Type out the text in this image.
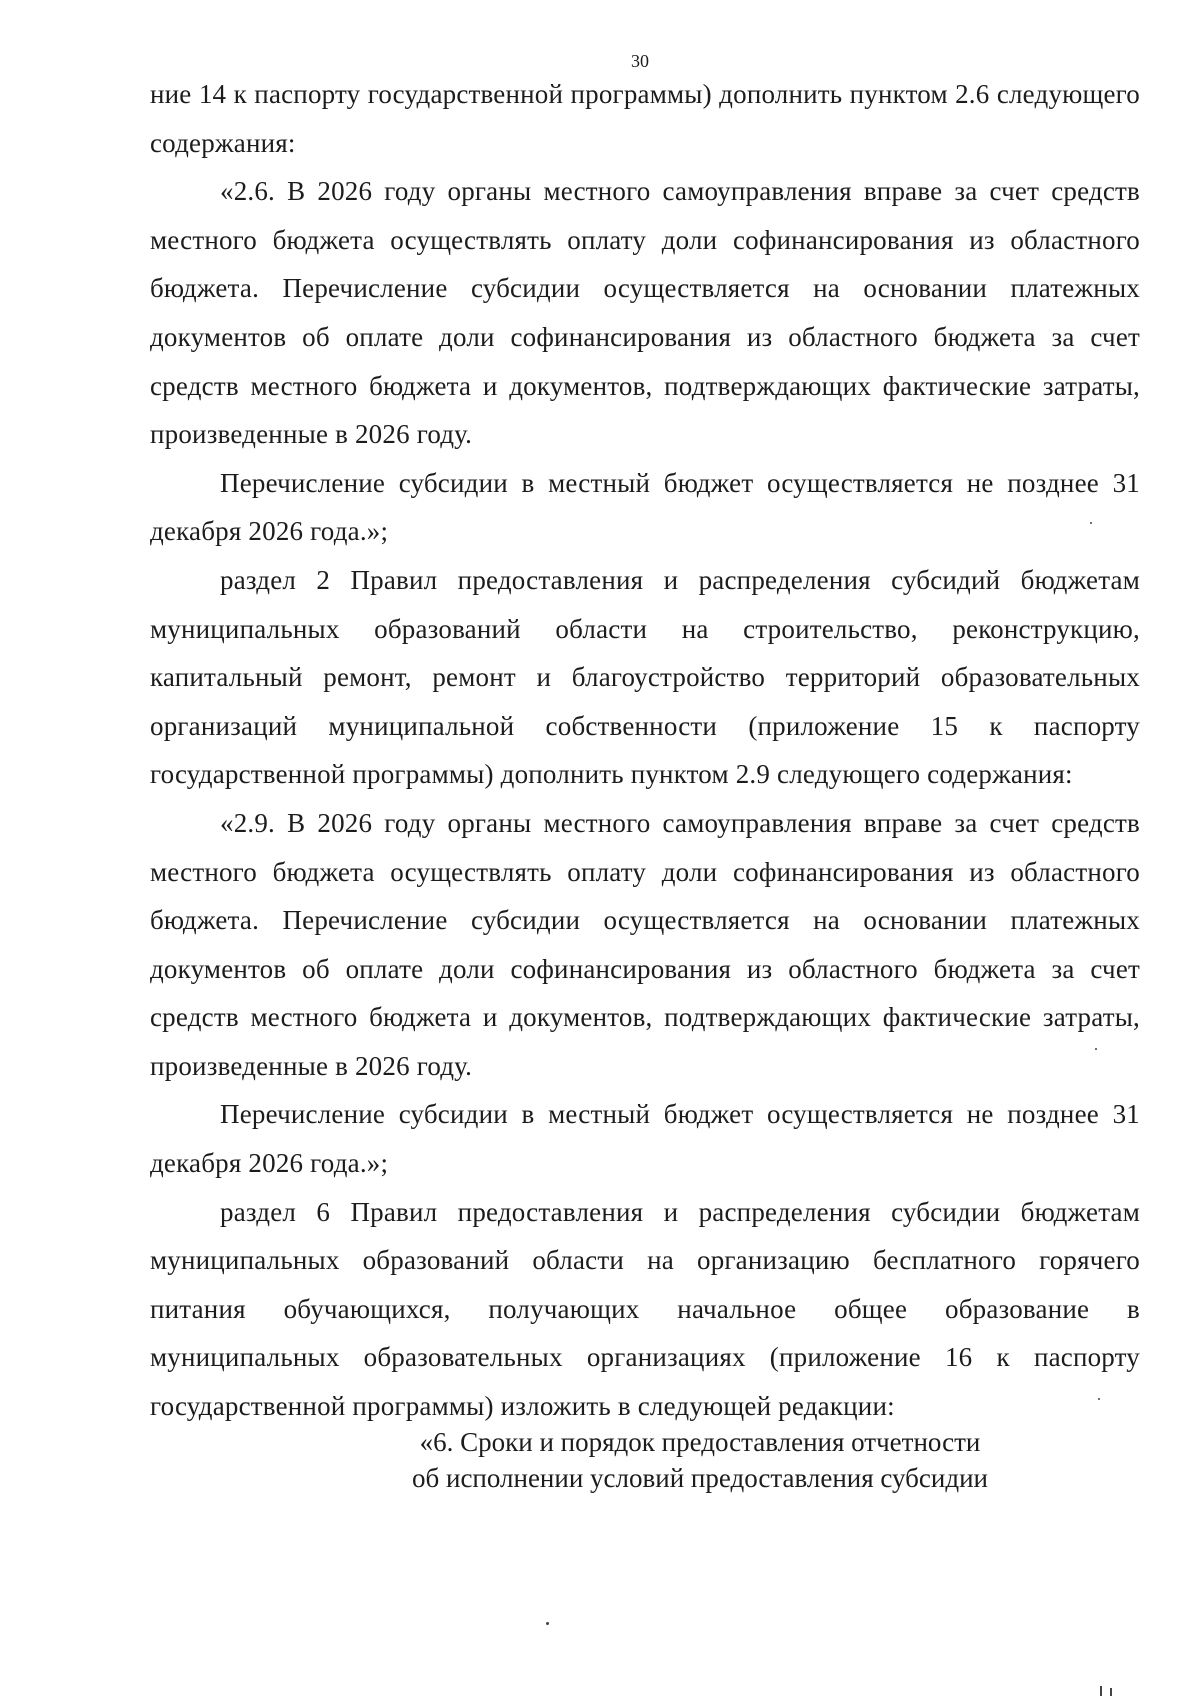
30

ние 14 к паспорту государственной программы) дополнить пунктом 2.6 следующего содержания:

«2.6. В 2026 году органы местного самоуправления вправе за счет средств местного бюджета осуществлять оплату доли софинансирования из областного бюджета. Перечисление субсидии осуществляется на основании платежных документов об оплате доли софинансирования из областного бюджета за счет средств местного бюджета и документов, подтверждающих фактические затраты, произведенные в 2026 году.

Перечисление субсидии в местный бюджет осуществляется не позднее 31 декабря 2026 года.»;

раздел 2 Правил предоставления и распределения субсидий бюджетам муниципальных образований области на строительство, реконструкцию, капитальный ремонт, ремонт и благоустройство территорий образовательных организаций муниципальной собственности (приложение 15 к паспорту государственной программы) дополнить пунктом 2.9 следующего содержания:

«2.9. В 2026 году органы местного самоуправления вправе за счет средств местного бюджета осуществлять оплату доли софинансирования из областного бюджета. Перечисление субсидии осуществляется на основании платежных документов об оплате доли софинансирования из областного бюджета за счет средств местного бюджета и документов, подтверждающих фактические затраты, произведенные в 2026 году.

Перечисление субсидии в местный бюджет осуществляется не позднее 31 декабря 2026 года.»;

раздел 6 Правил предоставления и распределения субсидии бюджетам муниципальных образований области на организацию бесплатного горячего питания обучающихся, получающих начальное общее образование в муниципальных образовательных организациях (приложение 16 к паспорту государственной программы) изложить в следующей редакции:

«6. Сроки и порядок предоставления отчетности
об исполнении условий предоставления субсидии
